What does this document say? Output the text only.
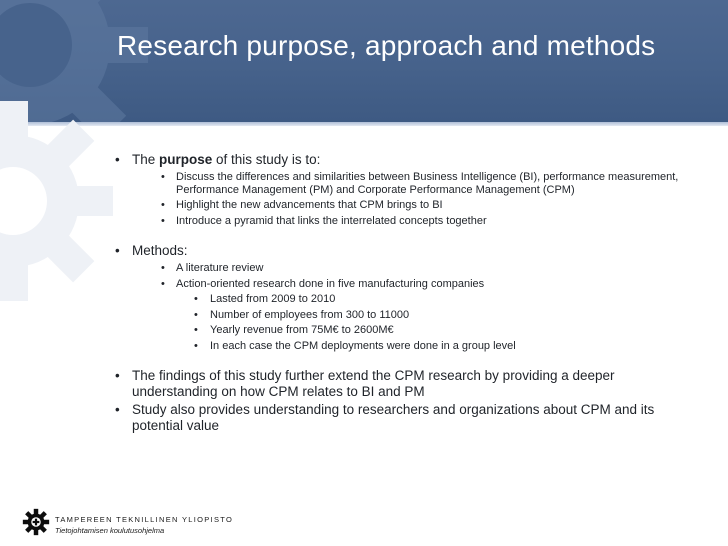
Research purpose, approach and methods
• The purpose of this study is to:
• Discuss the differences and similarities between Business Intelligence (BI), performance measurement, Performance Management (PM) and Corporate Performance Management (CPM)
• Highlight the new advancements that CPM brings to BI
• Introduce a pyramid that links the interrelated concepts together
• Methods:
• A literature review
• Action-oriented research done in five manufacturing companies
• Lasted from 2009 to 2010
• Number of employees from 300 to 11000
• Yearly revenue from 75M€ to 2600M€
• In each case the CPM deployments were done in a group level
• The findings of this study further extend the CPM research by providing a deeper understanding on how CPM relates to BI and PM
• Study also provides understanding to researchers and organizations about CPM and its potential value
TAMPEREEN TEKNILLINEN YLIOPISTO
Tietojohtamisen koulutusohjelma
